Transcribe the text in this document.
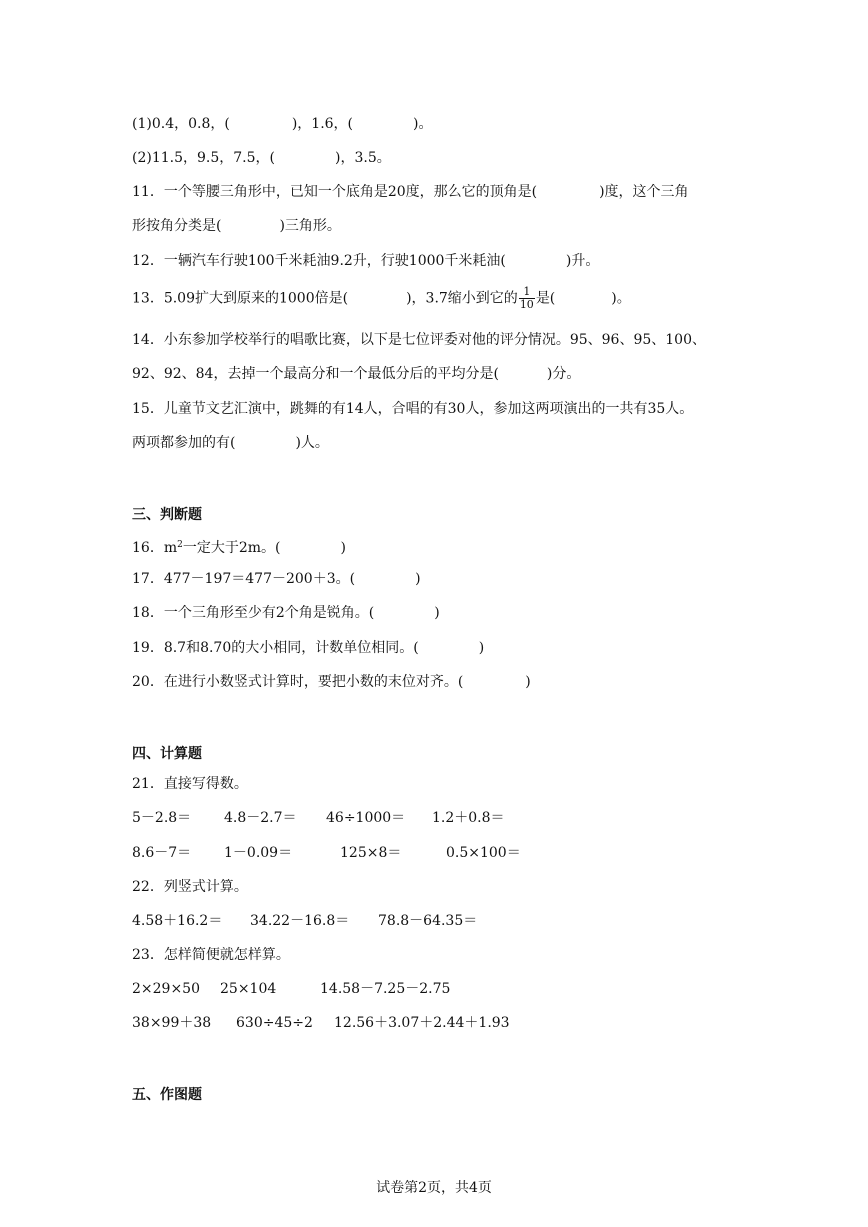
(1)0.4，0.8，(	)，1.6，(	)。
(2)11.5，9.5，7.5，(	)，3.5。
11．一个等腰三角形中，已知一个底角是20度，那么它的顶角是(	)度，这个三角
形按角分类是(	)三角形。
12．一辆汽车行驶100千米耗油9.2升，行驶1000千米耗油(	)升。
13．5.09扩大到原来的1000倍是(	)，3.7缩小到它的 $\frac{1}{10}$ 是(	)。
14．小东参加学校举行的唱歌比赛，以下是七位评委对他的评分情况。95、96、95、100、
92、92、84，去掉一个最高分和一个最低分后的平均分是(	)分。
15．儿童节文艺汇演中，跳舞的有14人，合唱的有30人，参加这两项演出的一共有35人。
两项都参加的有(	)人。
三、判断题
16．$m^2$一定大于2m。(	)
17．477－197＝477－200＋3。(	)
18．一个三角形至少有2个角是锐角。(	)
19．8.7和8.70的大小相同，计数单位相同。(	)
20．在进行小数竖式计算时，要把小数的末位对齐。(	)
四、计算题
21．直接写得数。
5－2.8＝ 4.8－2.7＝ 46÷1000＝ 1.2＋0.8＝
8.6－7＝ 1－0.09＝	125×8＝	0.5×100＝
22．列竖式计算。
4.58＋16.2＝ 34.22－16.8＝ 78.8－64.35＝
23．怎样简便就怎样算。
2×29×50 25×104	14.58－7.25－2.75
38×99＋38 630÷45÷2 12.56＋3.07＋2.44＋1.93
五、作图题
试卷第2页，共4页
